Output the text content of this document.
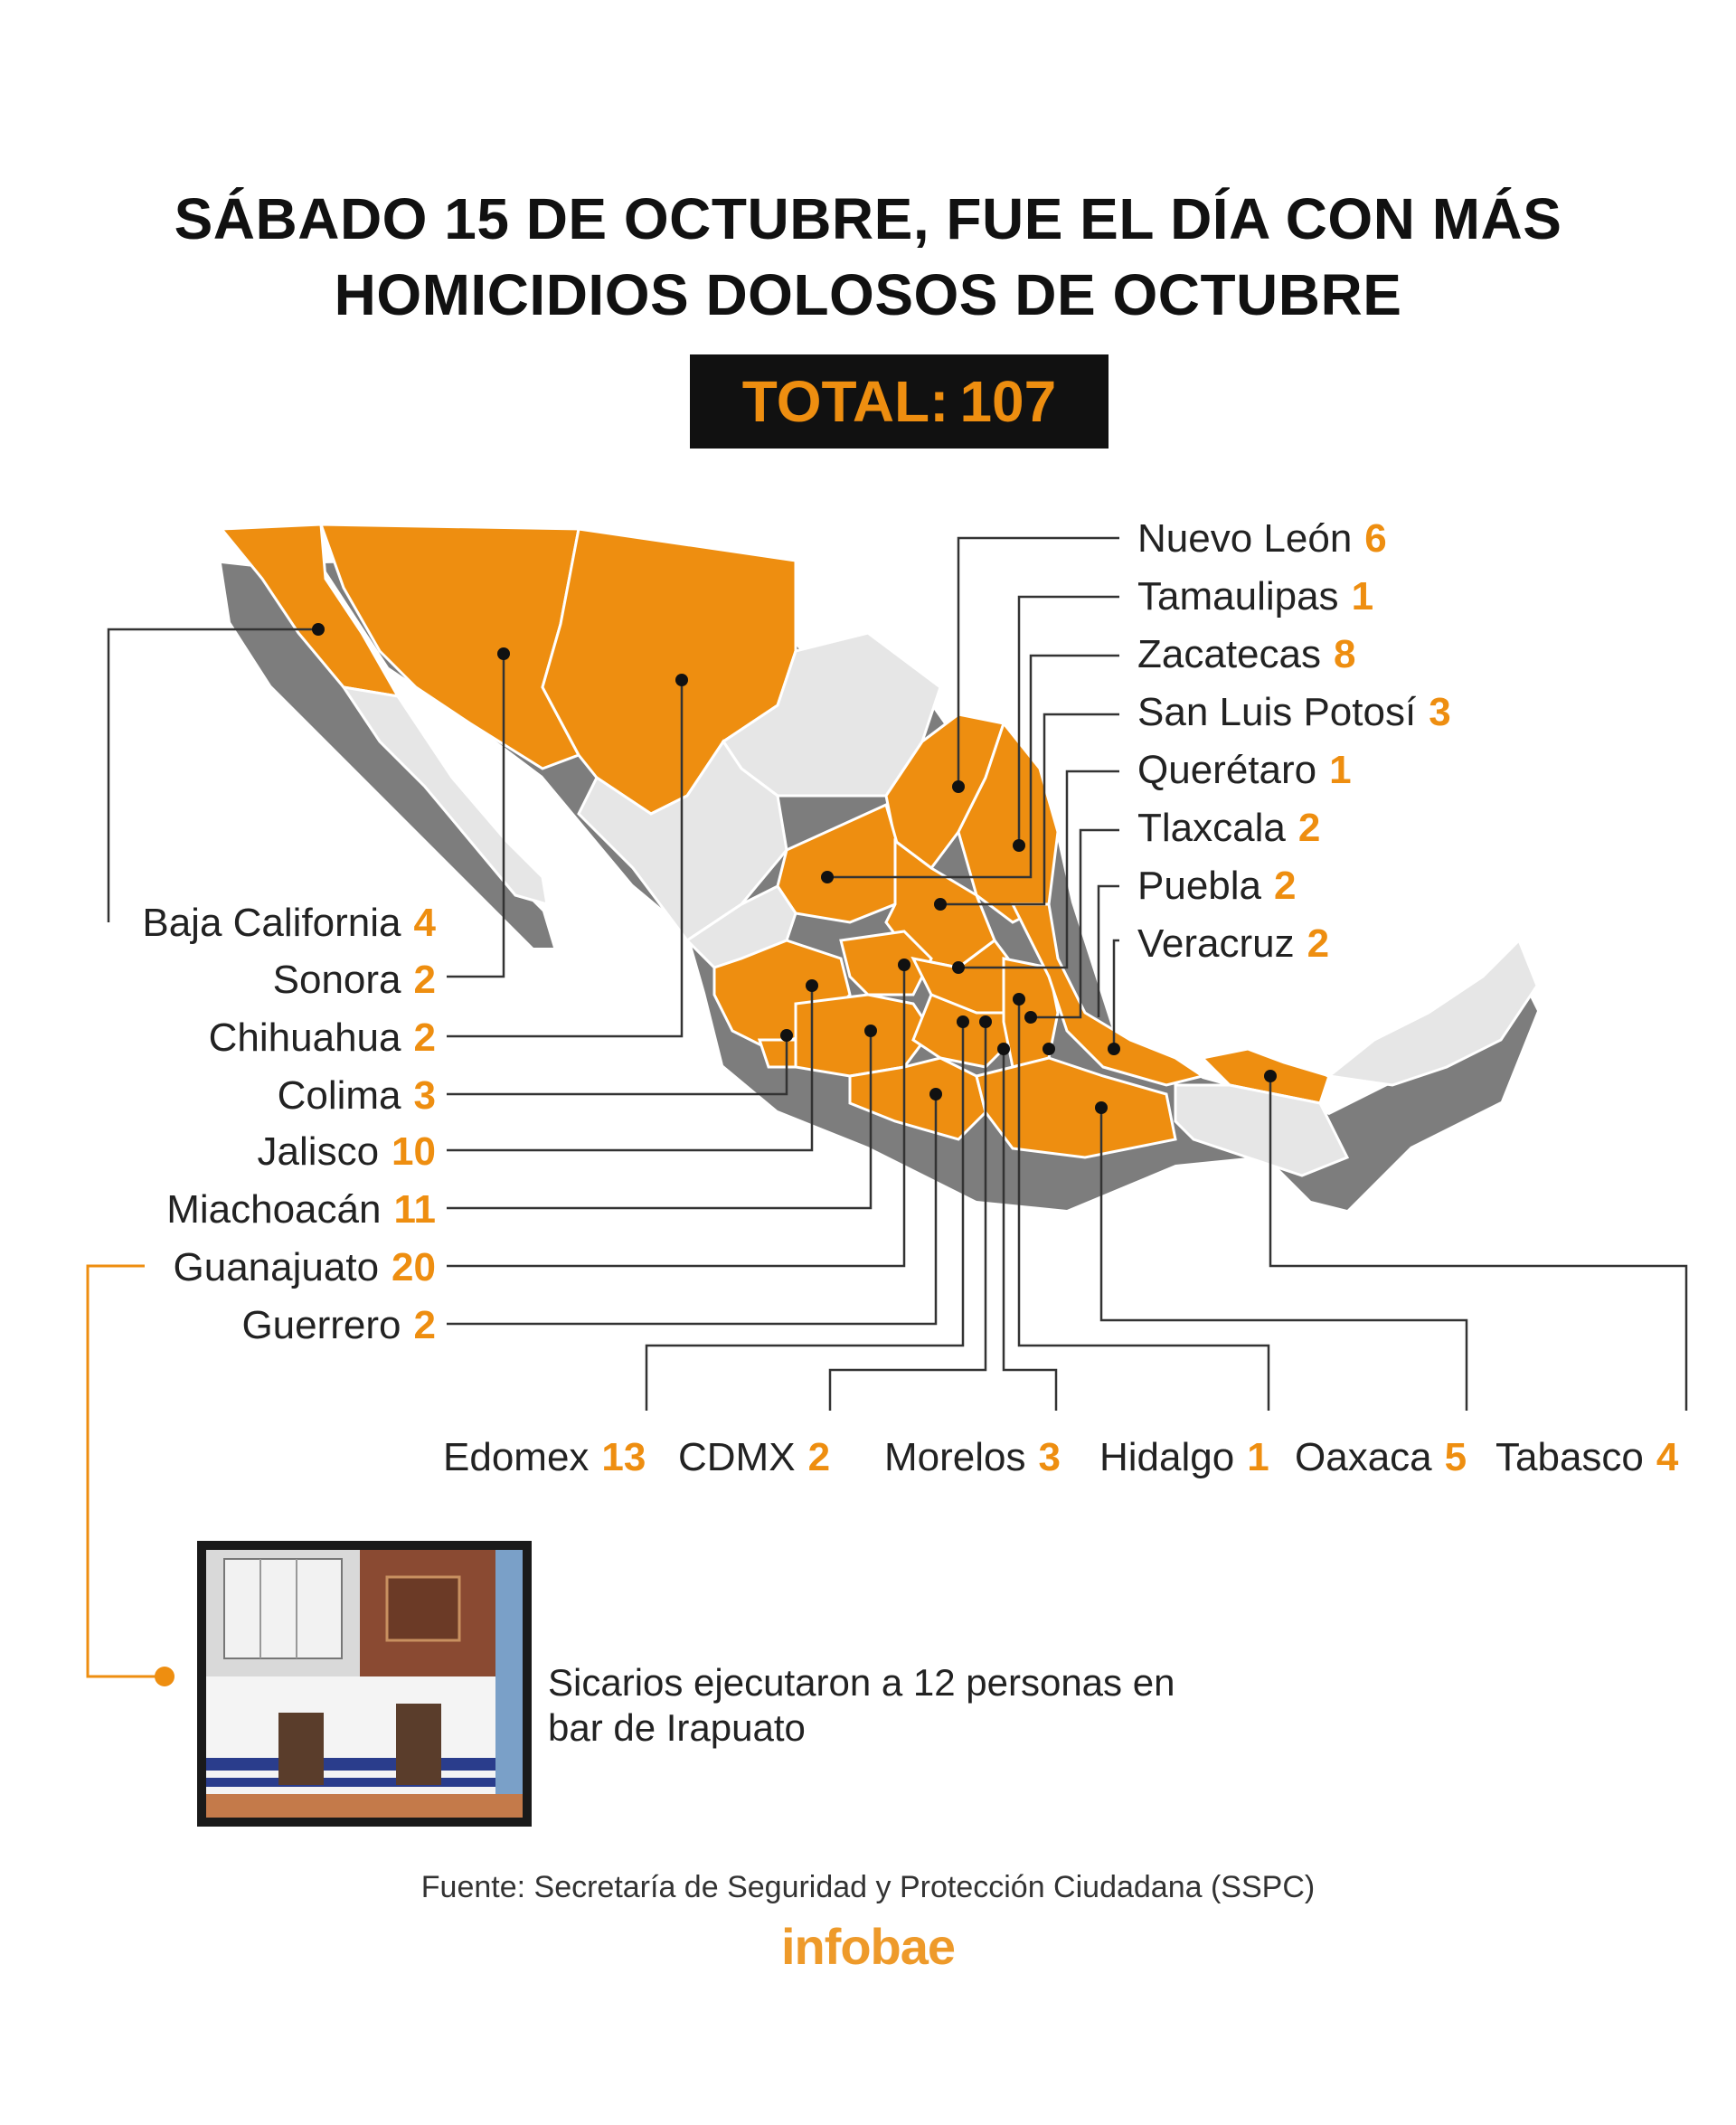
SÁBADO 15 DE OCTUBRE, FUE EL DÍA CON MÁS
HOMICIDIOS DOLOSOS DE OCTUBRE
TOTAL: 107
Nuevo León 6
Tamaulipas 1
Zacatecas 8
San Luis Potosí 3
Querétaro 1
Tlaxcala 2
Puebla 2
Veracruz 2
Baja California 4
Sonora 2
Chihuahua 2
Colima 3
Jalisco 10
Miachoacán 11
Guanajuato 20
Guerrero 2
Edomex 13 CDMX 2 Morelos 3 Hidalgo 1 Oaxaca 5 Tabasco 4
Sicarios ejecutaron a 12 personas en bar de Irapuato
Fuente: Secretaría de Seguridad y Protección Ciudadana (SSPC)
infobae
